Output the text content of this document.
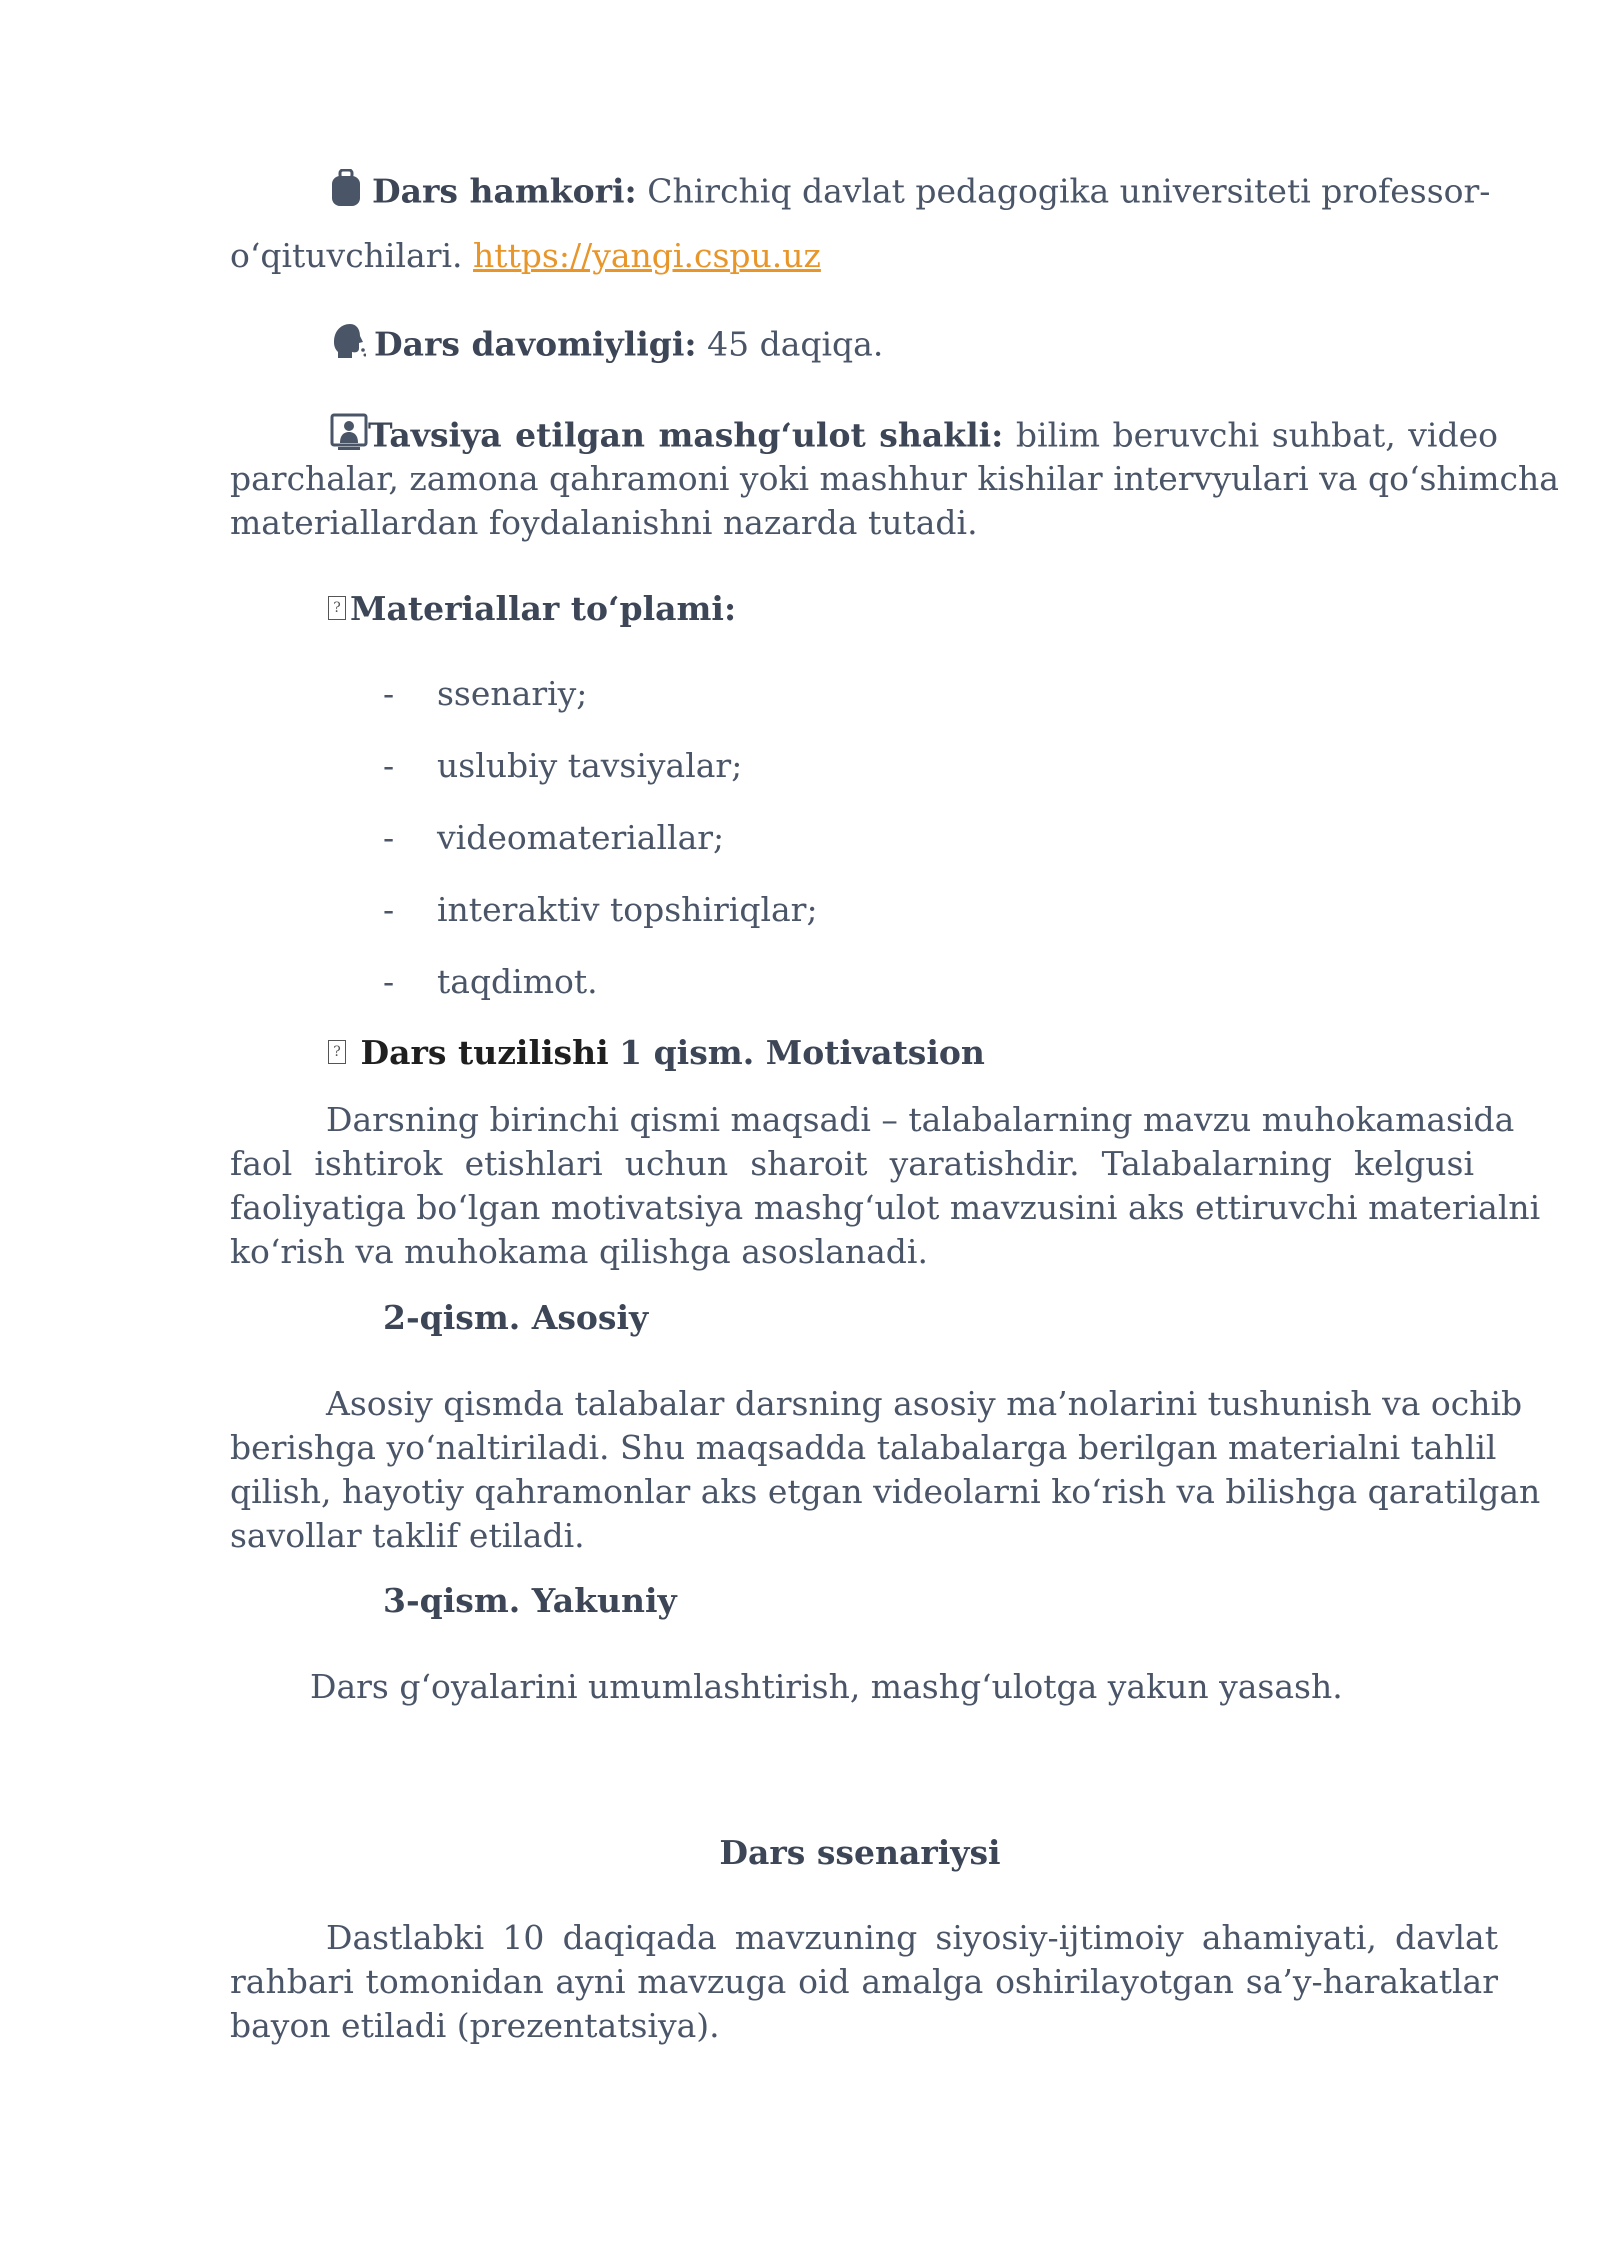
Dars hamkori: Chirchiq davlat pedagogika universiteti professor-
o‘qituvchilari. https://yangi.cspu.uz
Dars davomiyligi: 45 daqiqa.
Tavsiya etilgan mashg‘ulot shakli: bilim beruvchi suhbat, video
parchalar, zamona qahramoni yoki mashhur kishilar intervyulari va qo‘shimcha
materiallardan foydalanishni nazarda tutadi.
? Materiallar to‘plami:
- ssenariy;
- uslubiy tavsiyalar;
- videomateriallar;
- interaktiv topshiriqlar;
- taqdimot.
? Dars tuzilishi 1 qism. Motivatsion
Darsning birinchi qismi maqsadi – talabalarning mavzu muhokamasida
faol ishtirok etishlari uchun sharoit yaratishdir. Talabalarning kelgusi
faoliyatiga bo‘lgan motivatsiya mashg‘ulot mavzusini aks ettiruvchi materialni
ko‘rish va muhokama qilishga asoslanadi.
2-qism. Asosiy
Asosiy qismda talabalar darsning asosiy ma’nolarini tushunish va ochib
berishga yo‘naltiriladi. Shu maqsadda talabalarga berilgan materialni tahlil
qilish, hayotiy qahramonlar aks etgan videolarni ko‘rish va bilishga qaratilgan
savollar taklif etiladi.
3-qism. Yakuniy
Dars g‘oyalarini umumlashtirish, mashg‘ulotga yakun yasash.
Dars ssenariysi
Dastlabki 10 daqiqada mavzuning siyosiy-ijtimoiy ahamiyati, davlat
rahbari tomonidan ayni mavzuga oid amalga oshirilayotgan sa’y-harakatlar
bayon etiladi (prezentatsiya).
